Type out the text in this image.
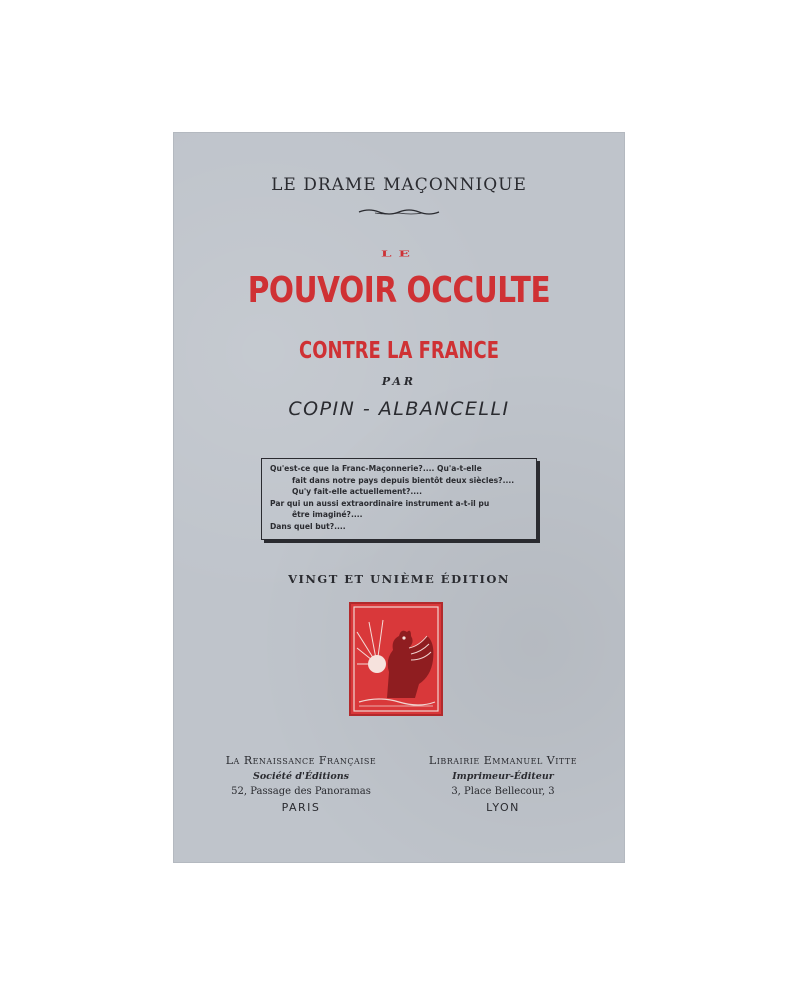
LE DRAME MAÇONNIQUE
LE
POUVOIR OCCULTE
CONTRE LA FRANCE
PAR
COPIN - ALBANCELLI
Qu'est-ce que la Franc-Maçonnerie?.... Qu'a-t-elle
fait dans notre pays depuis bientôt deux siècles?....
Qu'y fait-elle actuellement?....
Par qui un aussi extraordinaire instrument a-t-il pu
être imaginé?....
Dans quel but?....
VINGT ET UNIÈME ÉDITION
La Renaissance Française
Société d'Éditions
52, Passage des Panoramas
PARIS
Librairie Emmanuel Vitte
Imprimeur-Éditeur
3, Place Bellecour, 3
LYON
